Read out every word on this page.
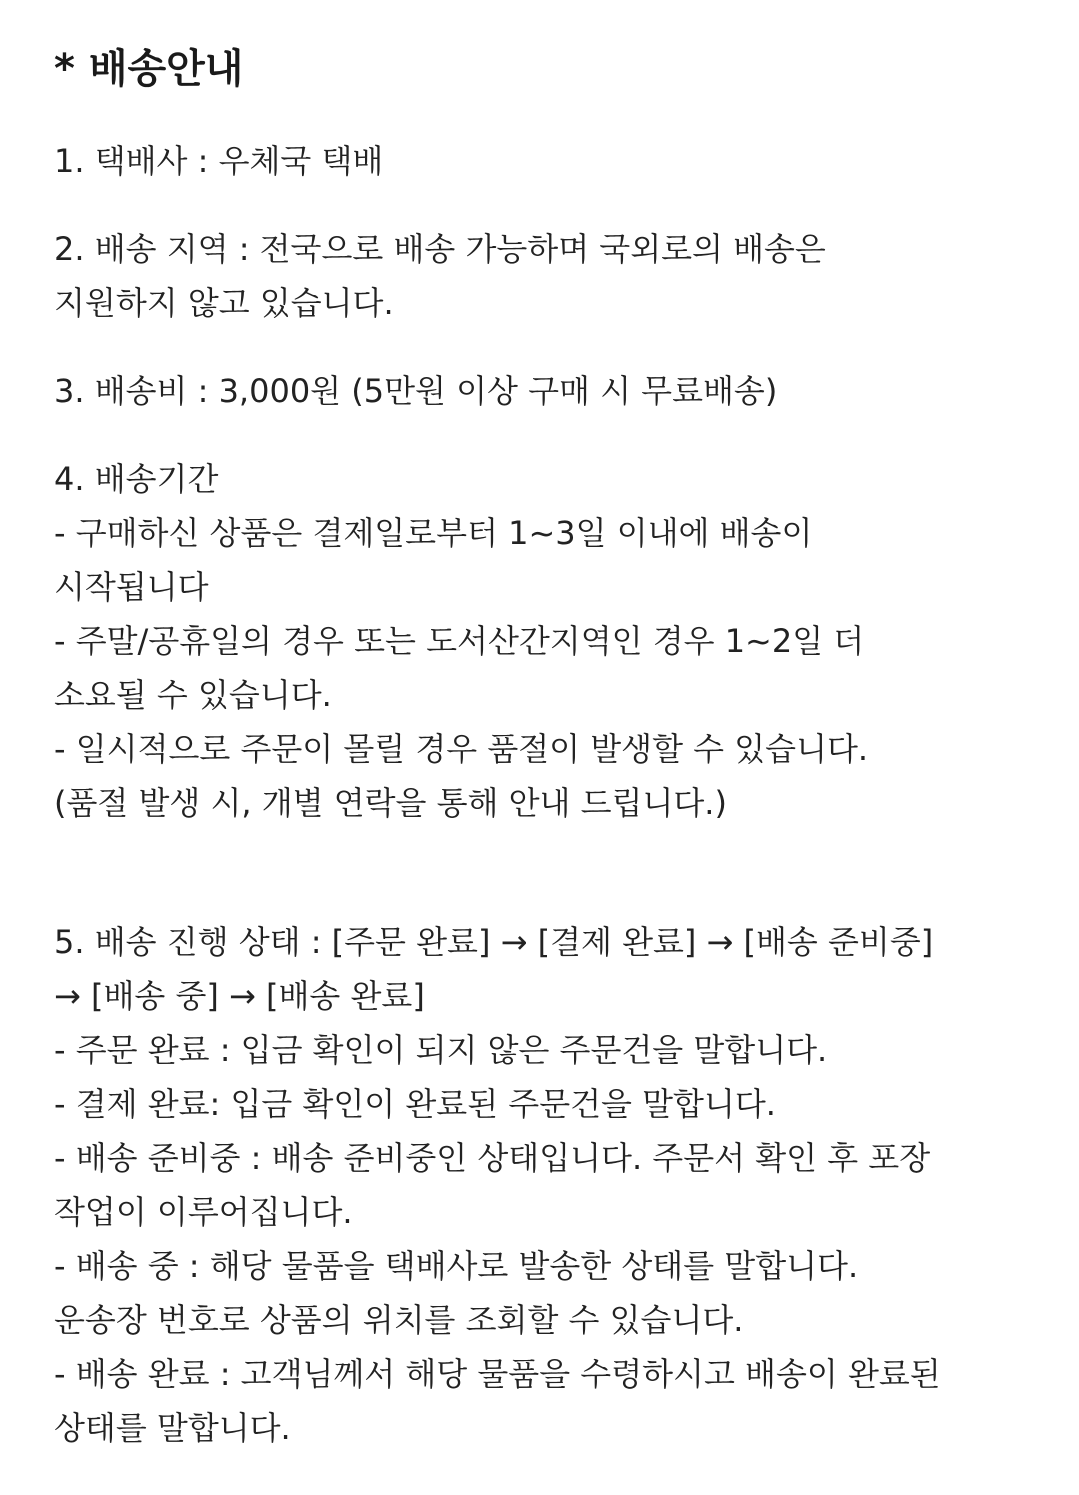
* 배송안내

1. 택배사 : 우체국 택배

2. 배송 지역 : 전국으로 배송 가능하며 국외로의 배송은

지원하지 않고 있습니다.

3. 배송비 : 3,000원 (5만원 이상 구매 시 무료배송)

4. 배송기간

- 구매하신 상품은 결제일로부터 1~3일 이내에 배송이

시작됩니다

- 주말/공휴일의 경우 또는 도서산간지역인 경우 1~2일 더

소요될 수 있습니다.

- 일시적으로 주문이 몰릴 경우 품절이 발생할 수 있습니다.

(품절 발생 시, 개별 연락을 통해 안내 드립니다.)

5. 배송 진행 상태 : [주문 완료] → [결제 완료] → [배송 준비중]

→ [배송 중] → [배송 완료]

- 주문 완료 : 입금 확인이 되지 않은 주문건을 말합니다.

- 결제 완료: 입금 확인이 완료된 주문건을 말합니다.

- 배송 준비중 : 배송 준비중인 상태입니다. 주문서 확인 후 포장

작업이 이루어집니다.

- 배송 중 : 해당 물품을 택배사로 발송한 상태를 말합니다.

운송장 번호로 상품의 위치를 조회할 수 있습니다.

- 배송 완료 : 고객님께서 해당 물품을 수령하시고 배송이 완료된

상태를 말합니다.
